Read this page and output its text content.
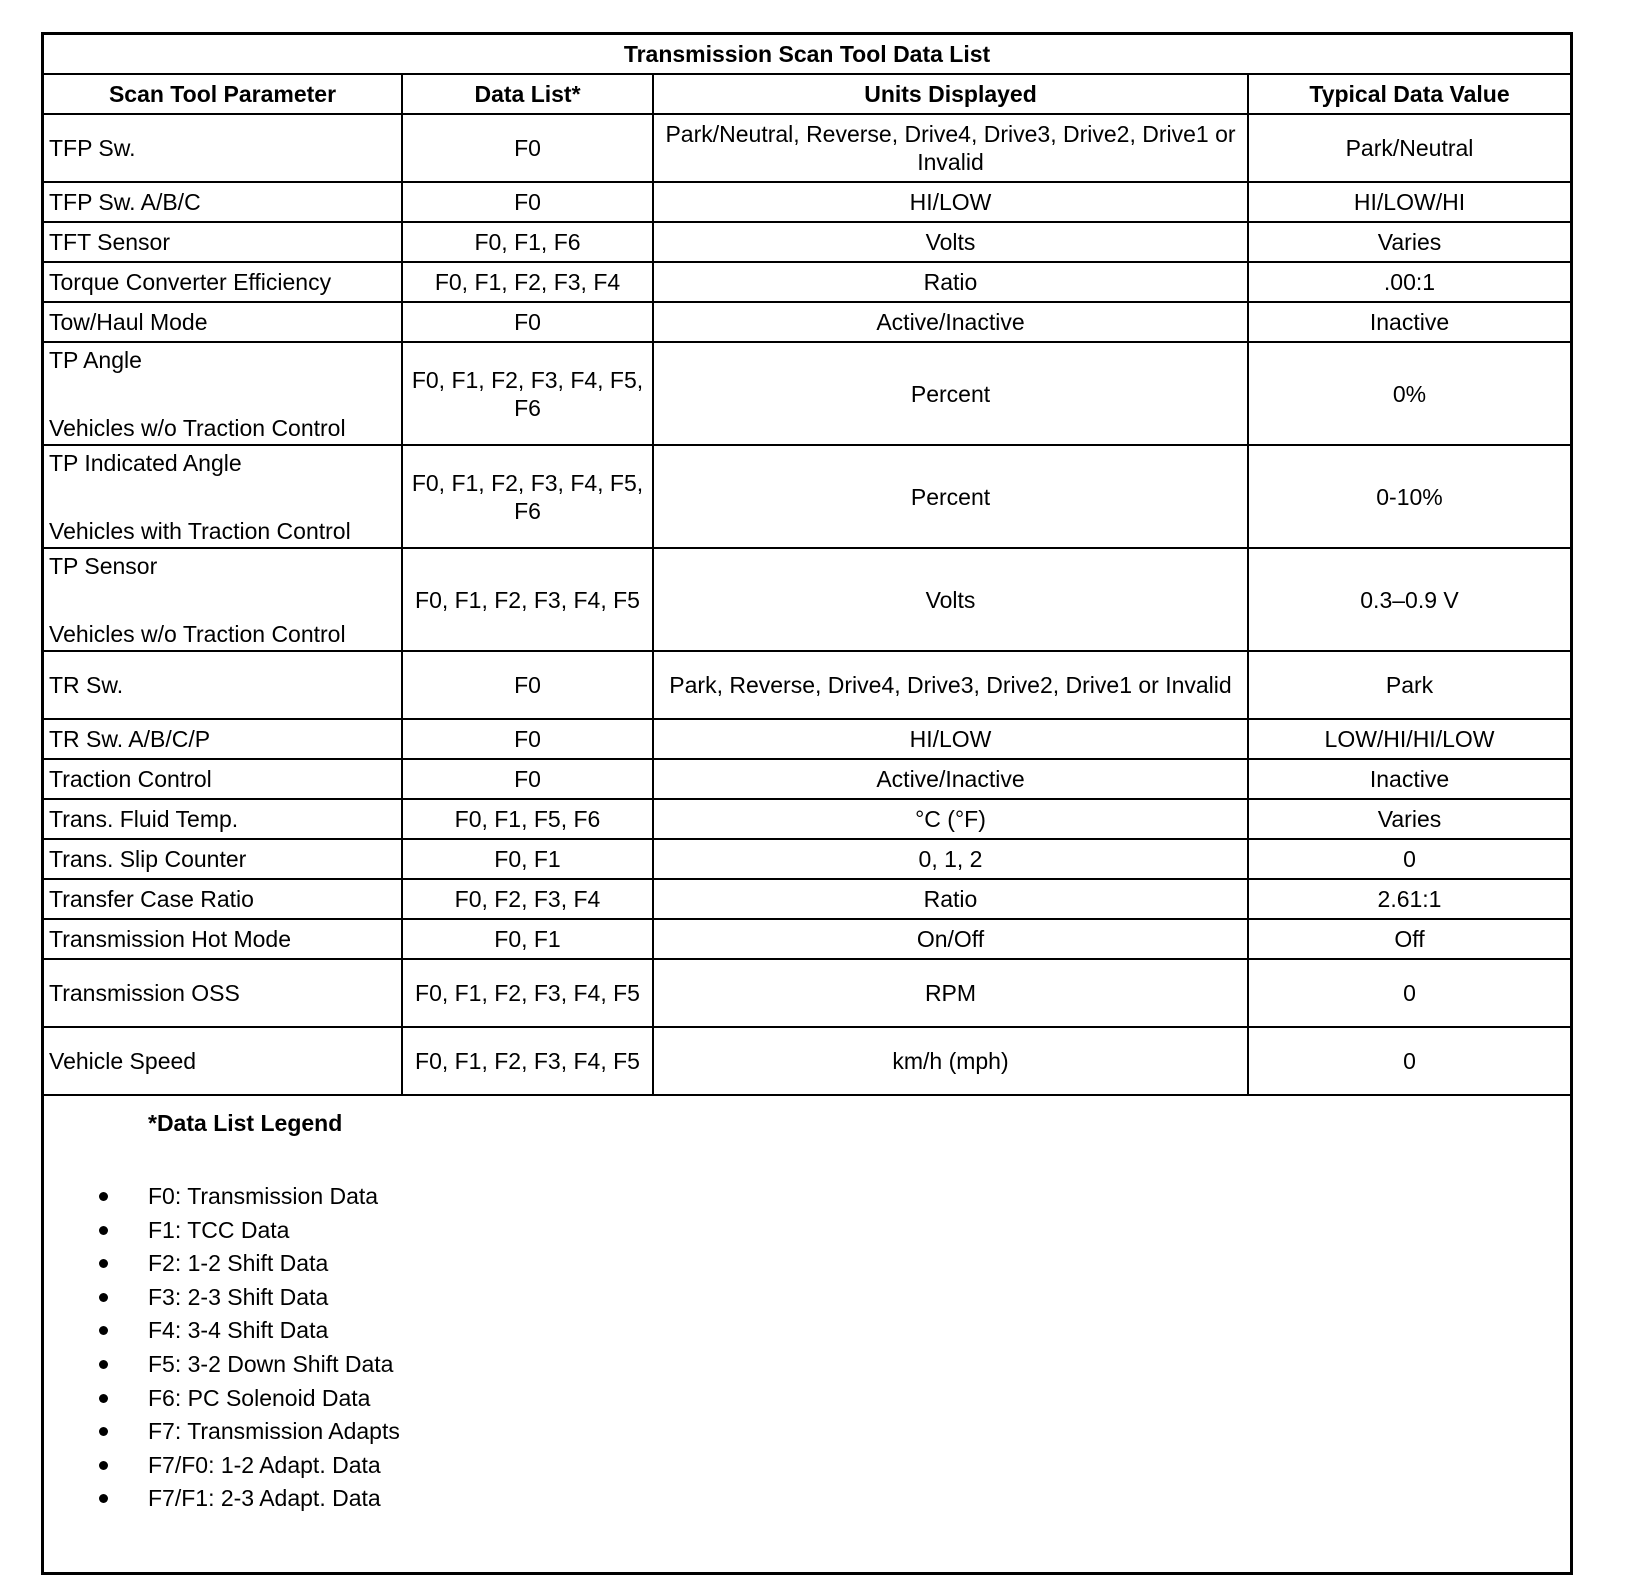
Transmission Scan Tool Data List			
Scan Tool Parameter	Data List*	Units Displayed	Typical Data Value

TFP Sw.	F0	Park/Neutral, Reverse, Drive4, Drive3, Drive2, Drive1 or Invalid	Park/Neutral

TFP Sw. A/B/C	F0	HI/LOW	HI/LOW/HI

TFT Sensor	F0, F1, F6	Volts	Varies

Torque Converter Efficiency	F0, F1, F2, F3, F4	Ratio	.00:1

Tow/Haul Mode	F0	Active/Inactive	Inactive

TP Angle
Vehicles w/o Traction Control	F0, F1, F2, F3, F4, F5, F6	Percent	0%

TP Indicated Angle
Vehicles with Traction Control	F0, F1, F2, F3, F4, F5, F6	Percent	0-10%

TP Sensor
Vehicles w/o Traction Control	F0, F1, F2, F3, F4, F5	Volts	0.3–0.9 V

TR Sw.	F0	Park, Reverse, Drive4, Drive3, Drive2, Drive1 or Invalid	Park

TR Sw. A/B/C/P	F0	HI/LOW	LOW/HI/HI/LOW

Traction Control	F0	Active/Inactive	Inactive

Trans. Fluid Temp.	F0, F1, F5, F6	°C (°F)	Varies

Trans. Slip Counter	F0, F1	0, 1, 2	0

Transfer Case Ratio	F0, F2, F3, F4	Ratio	2.61:1

Transmission Hot Mode	F0, F1	On/Off	Off

Transmission OSS	F0, F1, F2, F3, F4, F5	RPM	0

Vehicle Speed	F0, F1, F2, F3, F4, F5	km/h (mph)	0
*Data List Legend
F0: Transmission Data
F1: TCC Data
F2: 1-2 Shift Data
F3: 2-3 Shift Data
F4: 3-4 Shift Data
F5: 3-2 Down Shift Data
F6: PC Solenoid Data
F7: Transmission Adapts
F7/F0: 1-2 Adapt. Data
F7/F1: 2-3 Adapt. Data
